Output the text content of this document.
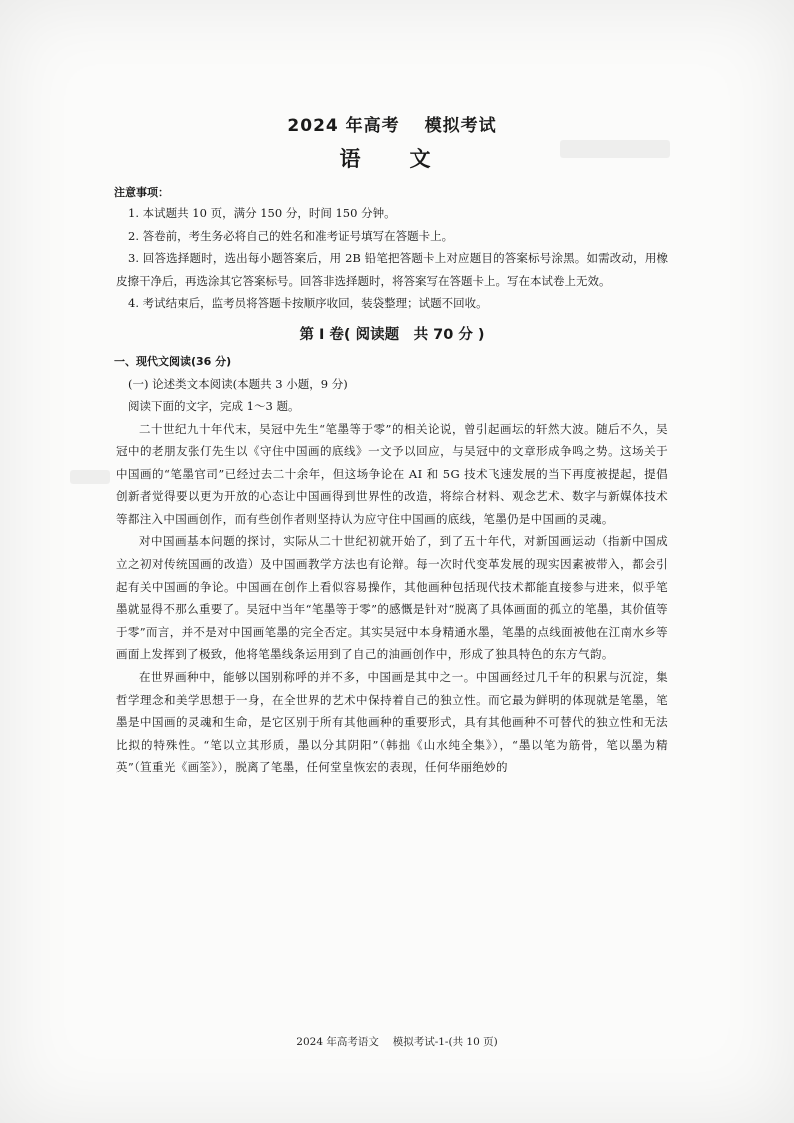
2024 年高考　 模拟考试
语　文
注意事项：

1. 本试题共 10 页，满分 150 分，时间 150 分钟。

2. 答卷前，考生务必将自己的姓名和准考证号填写在答题卡上。

3. 回答选择题时，选出每小题答案后，用 2B 铅笔把答题卡上对应题目的答案标号涂黑。如需改动，用橡皮擦干净后，再选涂其它答案标号。回答非选择题时，将答案写在答题卡上。写在本试卷上无效。

4. 考试结束后，监考员将答题卡按顺序收回，装袋整理；试题不回收。

第 Ⅰ 卷( 阅读题　共 70 分 )
一、现代文阅读(36 分)

(一) 论述类文本阅读(本题共 3 小题，9 分)

阅读下面的文字，完成 1～3 题。

二十世纪九十年代末，吴冠中先生“笔墨等于零”的相关论说，曾引起画坛的轩然大波。随后不久，吴冠中的老朋友张仃先生以《守住中国画的底线》一文予以回应，与吴冠中的文章形成争鸣之势。这场关于中国画的“笔墨官司”已经过去二十余年，但这场争论在 AI 和 5G 技术飞速发展的当下再度被提起，提倡创新者觉得要以更为开放的心态让中国画得到世界性的改造，将综合材料、观念艺术、数字与新媒体技术等都注入中国画创作，而有些创作者则坚持认为应守住中国画的底线，笔墨仍是中国画的灵魂。

对中国画基本问题的探讨，实际从二十世纪初就开始了，到了五十年代，对新国画运动（指新中国成立之初对传统国画的改造）及中国画教学方法也有论辩。每一次时代变革发展的现实因素被带入，都会引起有关中国画的争论。中国画在创作上看似容易操作，其他画种包括现代技术都能直接参与进来，似乎笔墨就显得不那么重要了。吴冠中当年“笔墨等于零”的感慨是针对“脱离了具体画面的孤立的笔墨，其价值等于零”而言，并不是对中国画笔墨的完全否定。其实吴冠中本身精通水墨，笔墨的点线面被他在江南水乡等画面上发挥到了极致，他将笔墨线条运用到了自己的油画创作中，形成了独具特色的东方气韵。

在世界画种中，能够以国别称呼的并不多，中国画是其中之一。中国画经过几千年的积累与沉淀，集哲学理念和美学思想于一身，在全世界的艺术中保持着自己的独立性。而它最为鲜明的体现就是笔墨，笔墨是中国画的灵魂和生命，是它区别于所有其他画种的重要形式，具有其他画种不可替代的独立性和无法比拟的特殊性。“笔以立其形质，墨以分其阴阳”（韩拙《山水纯全集》），“墨以笔为筋骨，笔以墨为精英”（笪重光《画筌》），脱离了笔墨，任何堂皇恢宏的表现，任何华丽绝妙的

2024 年高考语文　 模拟考试-1-(共 10 页)
